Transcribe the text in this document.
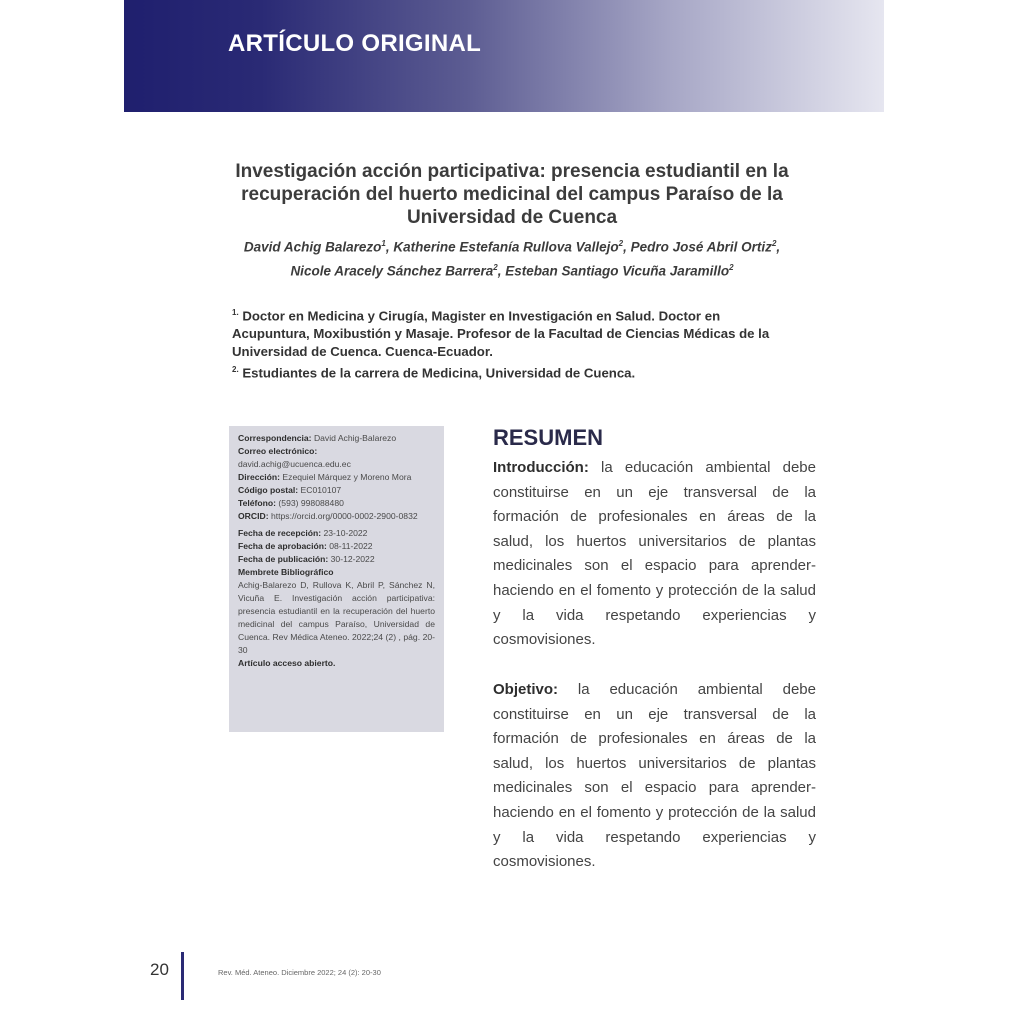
ARTÍCULO ORIGINAL
Investigación acción participativa: presencia estudiantil en la recuperación del huerto medicinal del campus Paraíso de la Universidad de Cuenca
David Achig Balarezo$^1$, Katherine Estefanía Rullova Vallejo$^2$, Pedro José Abril Ortiz$^2$, Nicole Aracely Sánchez Barrera$^2$, Esteban Santiago Vicuña Jaramillo$^2$
$^{1.}$ Doctor en Medicina y Cirugía, Magister en Investigación en Salud. Doctor en Acupuntura, Moxibustión y Masaje. Profesor de la Facultad de Ciencias Médicas de la Universidad de Cuenca. Cuenca-Ecuador.
$^{2.}$ Estudiantes de la carrera de Medicina, Universidad de Cuenca.

Correspondencia: David Achig-Balarezo

Correo electrónico:

david.achig@ucuenca.edu.ec

Dirección: Ezequiel Márquez y Moreno Mora

Código postal: EC010107

Teléfono: (593) 998088480

ORCID: https://orcid.org/0000-0002-2900-0832

Fecha de recepción: 23-10-2022

Fecha de aprobación: 08-11-2022

Fecha de publicación: 30-12-2022

Membrete Bibliográfico

Achig-Balarezo D, Rullova K, Abril P, Sánchez N, Vicuña E. Investigación acción participativa: presencia estudiantil en la recuperación del huerto medicinal del campus Paraíso, Universidad de Cuenca. Rev Médica Ateneo. 2022;24 (2) , pág. 20-30

Artículo acceso abierto.

RESUMEN
Introducción: la educación ambiental debe constituirse en un eje transversal de la formación de profesionales en áreas de la salud, los huertos universitarios de plantas medicinales son el espacio para aprender-haciendo en el fomento y protección de la salud y la vida respetando experiencias y cosmovisiones.
Objetivo: la educación ambiental debe constituirse en un eje transversal de la formación de profesionales en áreas de la salud, los huertos universitarios de plantas medicinales son el espacio para aprender-haciendo en el fomento y protección de la salud y la vida respetando experiencias y cosmovisiones.
20	Rev. Méd. Ateneo. Diciembre 2022; 24 (2): 20-30
